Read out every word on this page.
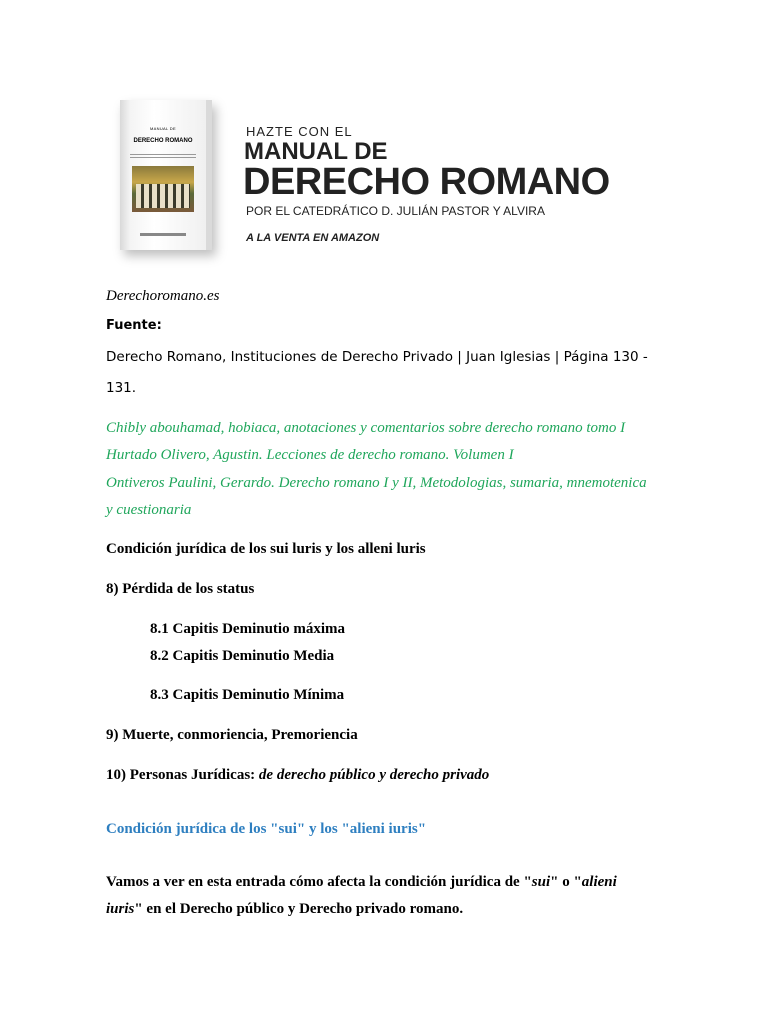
MANUAL DE
DERECHO ROMANO
HAZTE CON EL
MANUAL DE
DERECHO ROMANO
POR EL CATEDRÁTICO D. JULIÁN PASTOR Y ALVIRA
A LA VENTA EN AMAZON
Derechoromano.es
Fuente:
Derecho Romano, Instituciones de Derecho Privado | Juan Iglesias | Página 130 -
131.
Chibly abouhamad, hobiaca, anotaciones y comentarios sobre derecho romano tomo I
Hurtado Olivero, Agustin. Lecciones de derecho romano. Volumen I
Ontiveros Paulini, Gerardo. Derecho romano I y II, Metodologias, sumaria, mnemotenica
y cuestionaria
Condición jurídica de los sui luris y los alleni luris
8) Pérdida de los status
8.1 Capitis Deminutio máxima
8.2 Capitis Deminutio Media
8.3 Capitis Deminutio Mínima
9) Muerte, conmoriencia, Premoriencia
10) Personas Jurídicas: de derecho público y derecho privado
Condición jurídica de los "sui" y los "alieni iuris"
Vamos a ver en esta entrada cómo afecta la condición jurídica de "sui" o "alieni
iuris" en el Derecho público y Derecho privado romano.
